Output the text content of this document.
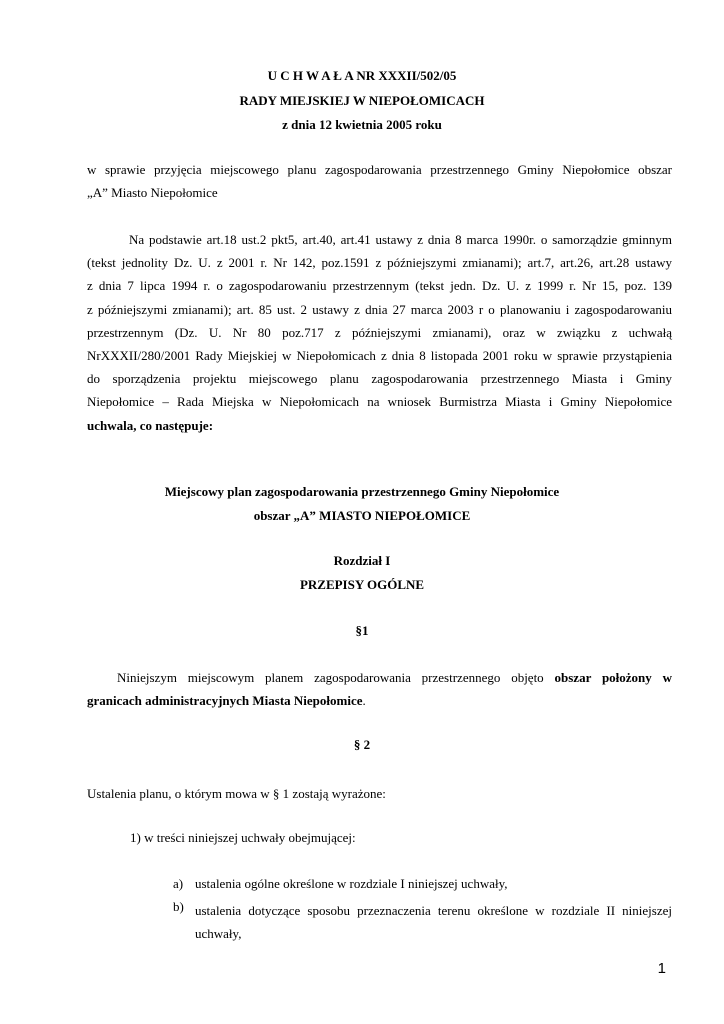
U C H W A Ł A NR XXXII/502/05
RADY MIEJSKIEJ W NIEPOŁOMICACH
z dnia 12 kwietnia 2005 roku
w sprawie przyjęcia miejscowego planu zagospodarowania przestrzennego Gminy Niepołomice obszar
„A” Miasto Niepołomice
Na podstawie art.18 ust.2 pkt5, art.40, art.41 ustawy z dnia 8 marca 1990r. o samorządzie gminnym
(tekst jednolity Dz. U. z 2001 r. Nr 142, poz.1591 z późniejszymi zmianami); art.7, art.26, art.28 ustawy
z dnia 7 lipca 1994 r. o zagospodarowaniu przestrzennym (tekst jedn. Dz. U. z 1999 r. Nr 15, poz. 139
z późniejszymi zmianami); art. 85 ust. 2 ustawy z dnia 27 marca 2003 r o planowaniu i zagospodarowaniu
przestrzennym (Dz. U. Nr 80 poz.717 z późniejszymi zmianami), oraz w związku z uchwałą
NrXXXII/280/2001 Rady Miejskiej w Niepołomicach z dnia 8 listopada 2001 roku w sprawie przystąpienia
do sporządzenia projektu miejscowego planu zagospodarowania przestrzennego Miasta i Gminy
Niepołomice – Rada Miejska w Niepołomicach na wniosek Burmistrza Miasta i Gminy Niepołomice
uchwala, co następuje:
Miejscowy plan zagospodarowania przestrzennego Gminy Niepołomice
obszar „A” MIASTO NIEPOŁOMICE
Rozdział I
PRZEPISY OGÓLNE
§1
Niniejszym miejscowym planem zagospodarowania przestrzennego objęto obszar położony w
granicach administracyjnych Miasta Niepołomice.
§ 2
Ustalenia planu, o którym mowa w § 1 zostają wyrażone:
1) w treści niniejszej uchwały obejmującej:
a) ustalenia ogólne określone w rozdziale I niniejszej uchwały,
b) ustalenia dotyczące sposobu przeznaczenia terenu określone w rozdziale II niniejszej
uchwały,
1
